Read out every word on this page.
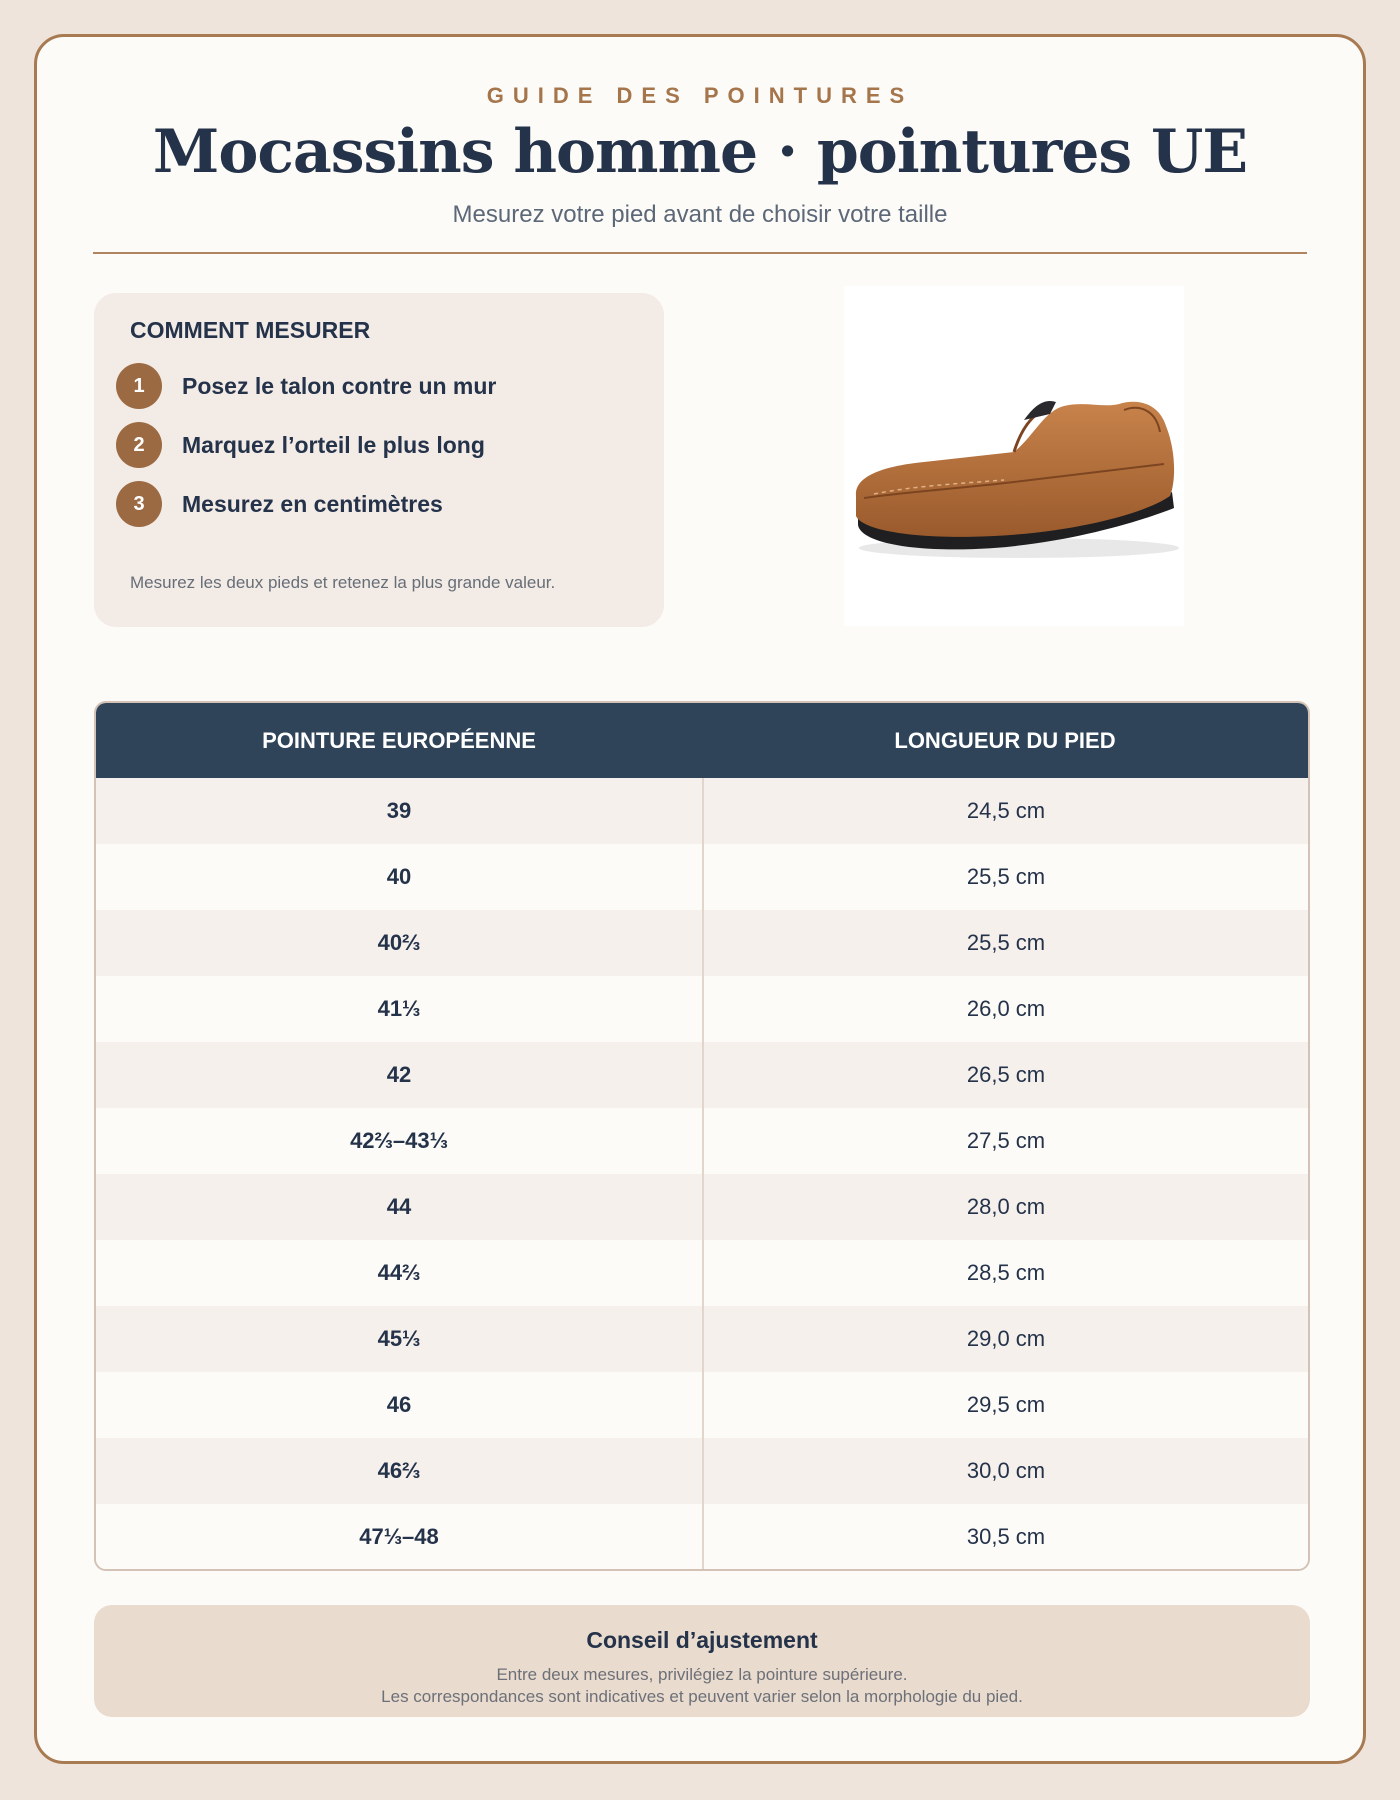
GUIDE DES POINTURES
Mocassins homme · pointures UE
Mesurez votre pied avant de choisir votre taille
COMMENT MESURER
1	Posez le talon contre un mur
2	Marquez l’orteil le plus long
3	Mesurez en centimètres
Mesurez les deux pieds et retenez la plus grande valeur.
POINTURE EUROPÉENNE	LONGUEUR DU PIED
39	24,5 cm
40	25,5 cm
40⅔	25,5 cm
41⅓	26,0 cm
42	26,5 cm
42⅔–43⅓	27,5 cm
44	28,0 cm
44⅔	28,5 cm
45⅓	29,0 cm
46	29,5 cm
46⅔	30,0 cm
47⅓–48	30,5 cm
Conseil d’ajustement
Entre deux mesures, privilégiez la pointure supérieure.
Les correspondances sont indicatives et peuvent varier selon la morphologie du pied.
